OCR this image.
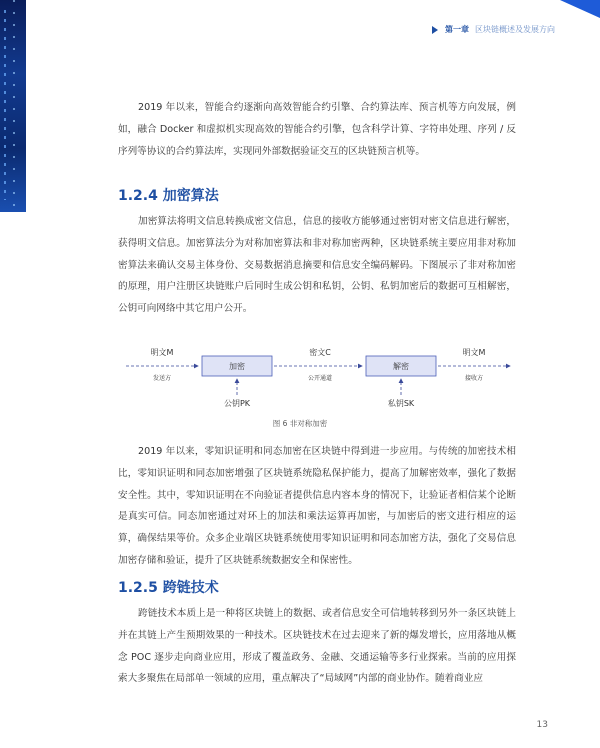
第一章 区块链概述及发展方向

2019 年以来，智能合约逐渐向高效智能合约引擎、合约算法库、预言机等方向发展，例如，融合 Docker 和虚拟机实现高效的智能合约引擎，包含科学计算、字符串处理、序列 / 反序列等协议的合约算法库，实现同外部数据验证交互的区块链预言机等。

1.2.4 加密算法

加密算法将明文信息转换成密文信息，信息的接收方能够通过密钥对密文信息进行解密，获得明文信息。加密算法分为对称加密算法和非对称加密两种，区块链系统主要应用非对称加密算法来确认交易主体身份、交易数据消息摘要和信息安全编码解码。下图展示了非对称加密的原理，用户注册区块链账户后同时生成公钥和私钥，公钥、私钥加密后的数据可互相解密，公钥可向网络中其它用户公开。

明文M
发送方
加密
公钥PK
密文C
公开通道
解密
私钥SK
明文M
接收方
图 6 非对称加密

2019 年以来，零知识证明和同态加密在区块链中得到进一步应用。与传统的加密技术相比，零知识证明和同态加密增强了区块链系统隐私保护能力，提高了加解密效率，强化了数据安全性。其中，零知识证明在不向验证者提供信息内容本身的情况下，让验证者相信某个论断是真实可信。同态加密通过对环上的加法和乘法运算再加密，与加密后的密文进行相应的运算，确保结果等价。众多企业端区块链系统使用零知识证明和同态加密方法，强化了交易信息加密存储和验证，提升了区块链系统数据安全和保密性。

1.2.5 跨链技术

跨链技术本质上是一种将区块链上的数据、或者信息安全可信地转移到另外一条区块链上并在其链上产生预期效果的一种技术。区块链技术在过去迎来了新的爆发增长，应用落地从概念 POC 逐步走向商业应用，形成了覆盖政务、金融、交通运输等多行业探索。当前的应用探索大多聚焦在局部单一领域的应用，重点解决了“局域网”内部的商业协作。随着商业应

13
